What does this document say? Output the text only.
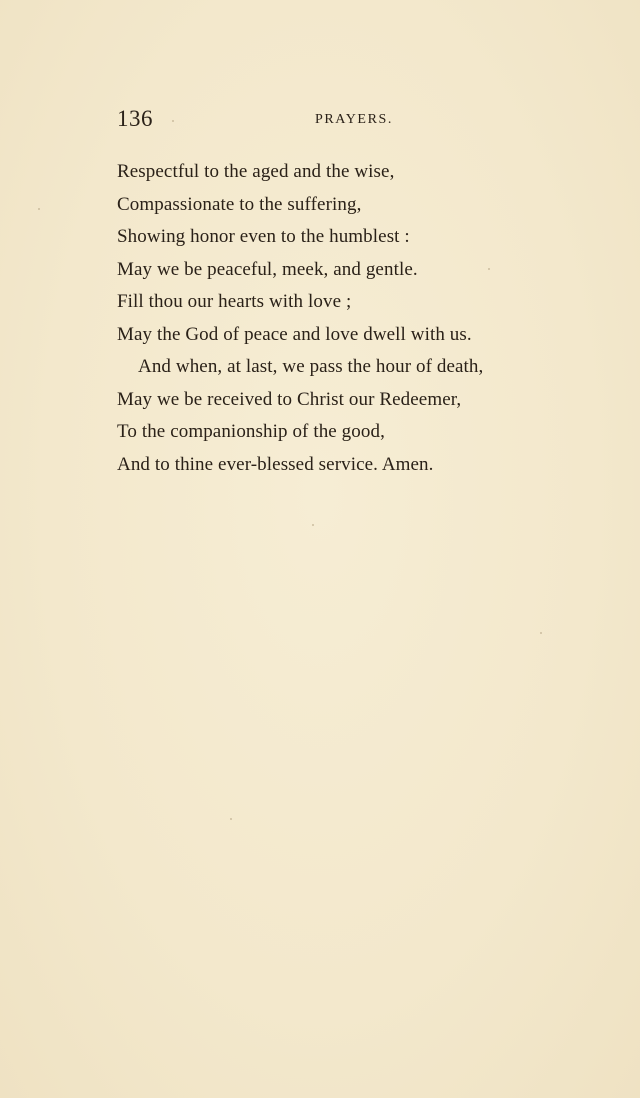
136	PRAYERS.
Respectful to the aged and the wise,
Compassionate to the suffering,
Showing honor even to the humblest :
May we be peaceful, meek, and gentle.
Fill thou our hearts with love ;
May the God of peace and love dwell with us.
And when, at last, we pass the hour of death,
May we be received to Christ our Redeemer,
To the companionship of the good,
And to thine ever-blessed service. Amen.
